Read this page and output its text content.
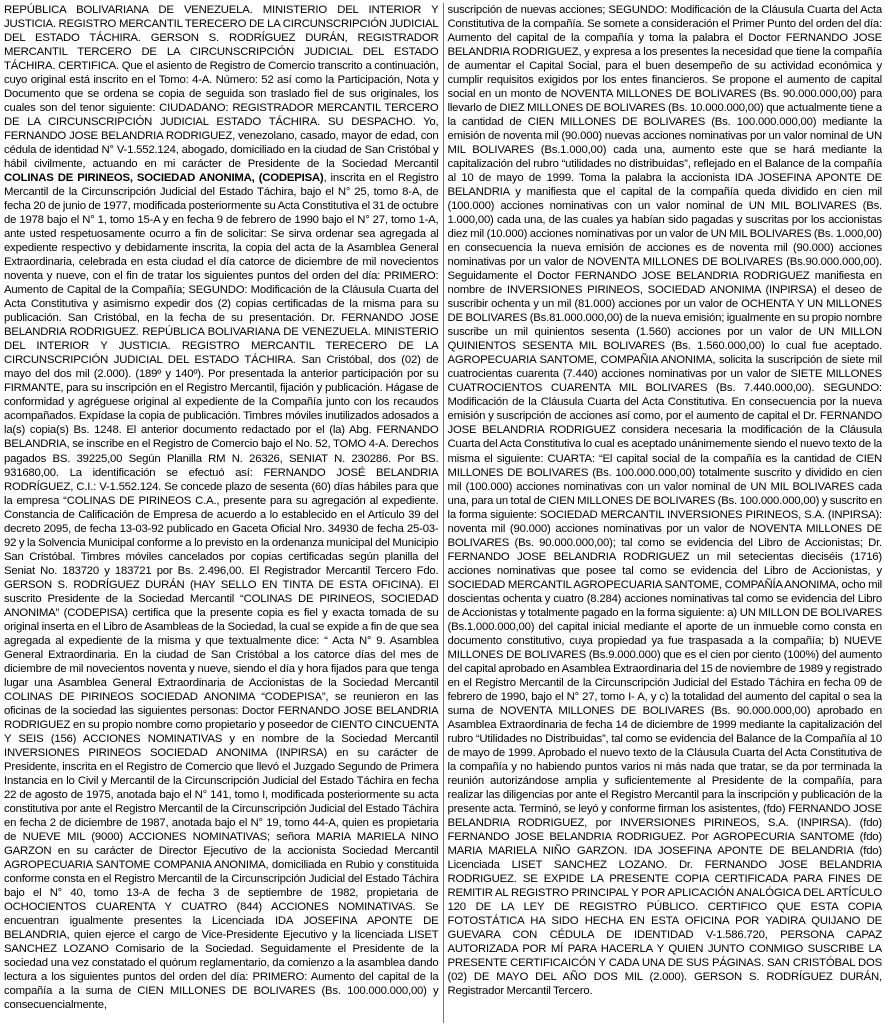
REPÚBLICA BOLIVARIANA DE VENEZUELA. MINISTERIO DEL INTERIOR Y JUSTICIA. REGISTRO MERCANTIL TERECERO DE LA CIRCUNSCRIPCIÓN JUDICIAL DEL ESTADO TÁCHIRA. GERSON S. RODRÍGUEZ DURÁN, REGISTRADOR MERCANTIL TERCERO DE LA CIRCUNSCRIPCIÓN JUDICIAL DEL ESTADO TÁCHIRA. CERTIFICA. Que el asiento de Registro de Comercio transcrito a continuación, cuyo original está inscrito en el Tomo: 4-A. Número: 52 así como la Participación, Nota y Documento que se ordena se copia de seguida son traslado fiel de sus originales, los cuales son del tenor siguiente: CIUDADANO: REGISTRADOR MERCANTIL TERCERO DE LA CIRCUNSCRIPCIÓN JUDICIAL ESTADO TÁCHIRA. SU DESPACHO. Yo, FERNANDO JOSE BELANDRIA RODRIGUEZ, venezolano, casado, mayor de edad, con cédula de identidad N° V-1.552.124, abogado, domiciliado en la ciudad de San Cristóbal y hábil civilmente, actuando en mi carácter de Presidente de la Sociedad Mercantil COLINAS DE PIRINEOS, SOCIEDAD ANONIMA, (CODEPISA), inscrita en el Registro Mercantil de la Circunscripción Judicial del Estado Táchira, bajo el N° 25, tomo 8-A, de fecha 20 de junio de 1977, modificada posteriormente su Acta Constitutiva el 31 de octubre de 1978 bajo el N° 1, tomo 15-A y en fecha 9 de febrero de 1990 bajo el N° 27, tomo 1-A, ante usted respetuosamente ocurro a fin de solicitar: Se sirva ordenar sea agregada al expediente respectivo y debidamente inscrita, la copia del acta de la Asamblea General Extraordinaria, celebrada en esta ciudad el día catorce de diciembre de mil novecientos noventa y nueve, con el fin de tratar los siguientes puntos del orden del día: PRIMERO: Aumento de Capital de la Compañía; SEGUNDO: Modificación de la Cláusula Cuarta del Acta Constitutiva y asimismo expedir dos (2) copias certificadas de la misma para su publicación. San Cristóbal, en la fecha de su presentación. Dr. FERNANDO JOSE BELANDRIA RODRIGUEZ. REPÚBLICA BOLIVARIANA DE VENEZUELA. MINISTERIO DEL INTERIOR Y JUSTICIA. REGISTRO MERCANTIL TERECERO DE LA CIRCUNSCRIPCIÓN JUDICIAL DEL ESTADO TÁCHIRA. San Cristóbal, dos (02) de mayo del dos mil (2.000). (189º y 140º). Por presentada la anterior participación por su FIRMANTE, para su inscripción en el Registro Mercantil, fijación y publicación. Hágase de conformidad y agréguese original al expediente de la Compañía junto con los recaudos acompañados. Expídase la copia de publicación. Timbres móviles inutilizados adosados a la(s) copia(s) Bs. 1248. El anterior documento redactado por el (la) Abg. FERNANDO BELANDRIA, se inscribe en el Registro de Comercio bajo el No. 52, TOMO 4-A. Derechos pagados BS. 39225,00 Según Planilla RM N. 26326, SENIAT N. 230286. Por BS. 931680,00. La identificación se efectuó así: FERNANDO JOSÉ BELANDRIA RODRÍGUEZ, C.I.: V-1.552.124. Se concede plazo de sesenta (60) días hábiles para que la empresa “COLINAS DE PIRINEOS C.A., presente para su agregación al expediente. Constancia de Calificación de Empresa de acuerdo a lo establecido en el Artículo 39 del decreto 2095, de fecha 13-03-92 publicado en Gaceta Oficial Nro. 34930 de fecha 25-03-92 y la Solvencia Municipal conforme a lo previsto en la ordenanza municipal del Municipio San Cristóbal. Timbres móviles cancelados por copias certificadas según planilla del Seniat No. 183720 y 183721 por Bs. 2.496,00. El Registrador Mercantil Tercero Fdo. GERSON S. RODRÍGUEZ DURÁN (HAY SELLO EN TINTA DE ESTA OFICINA). El suscrito Presidente de la Sociedad Mercantil “COLINAS DE PIRINEOS, SOCIEDAD ANONIMA” (CODEPISA) certifica que la presente copia es fiel y exacta tomada de su original inserta en el Libro de Asambleas de la Sociedad, la cual se expide a fin de que sea agregada al expediente de la misma y que textualmente dice: “ Acta N° 9. Asamblea General Extraordinaria. En la ciudad de San Cristóbal a los catorce días del mes de diciembre de mil novecientos noventa y nueve, siendo el día y hora fijados para que tenga lugar una Asamblea General Extraordinaria de Accionistas de la Sociedad Mercantil COLINAS DE PIRINEOS SOCIEDAD ANONIMA “CODEPISA”, se reunieron en las oficinas de la sociedad las siguientes personas: Doctor FERNANDO JOSE BELANDRIA RODRIGUEZ en su propio nombre como propietario y poseedor de CIENTO CINCUENTA Y SEIS (156) ACCIONES NOMINATIVAS y en nombre de la Sociedad Mercantil INVERSIONES PIRINEOS SOCIEDAD ANONIMA (INPIRSA) en su carácter de Presidente, inscrita en el Registro de Comercio que llevó el Juzgado Segundo de Primera Instancia en lo Civil y Mercantil de la Circunscripción Judicial del Estado Táchira en fecha 22 de agosto de 1975, anotada bajo el N° 141, tomo I, modificada posteriormente su acta constitutiva por ante el Registro Mercantil de la Circunscripción Judicial del Estado Táchira en fecha 2 de diciembre de 1987, anotada bajo el N° 19, tomo 44-A, quien es propietaria de NUEVE MIL (9000) ACCIONES NOMINATIVAS; señora MARIA MARIELA NINO GARZON en su carácter de Director Ejecutivo de la accionista Sociedad Mercantil AGROPECUARIA SANTOME COMPANIA ANONIMA, domiciliada en Rubio y constituida conforme consta en el Registro Mercantil de la Circunscripción Judicial del Estado Táchira bajo el N° 40, tomo 13-A de fecha 3 de septiembre de 1982, propietaria de OCHOCIENTOS CUARENTA Y CUATRO (844) ACCIONES NOMINATIVAS. Se encuentran igualmente presentes la Licenciada IDA JOSEFINA APONTE DE BELANDRIA, quien ejerce el cargo de Vice-Presidente Ejecutivo y la licenciada LISET SANCHEZ LOZANO Comisario de la Sociedad. Seguidamente el Presidente de la sociedad una vez constatado el quórum reglamentario, da comienzo a la asamblea dando lectura a los siguientes puntos del orden del día: PRIMERO: Aumento del capital de la compañía a la suma de CIEN MILLONES DE BOLIVARES (Bs. 100.000.000,00) y consecuencialmente,

suscripción de nuevas acciones; SEGUNDO: Modificación de la Cláusula Cuarta del Acta Constitutiva de la compañía. Se somete a consideración el Primer Punto del orden del día: Aumento del capital de la compañía y toma la palabra el Doctor FERNANDO JOSE BELANDRIA RODRIGUEZ, y expresa a los presentes la necesidad que tiene la compañía de aumentar el Capital Social, para el buen desempeño de su actividad económica y cumplir requisitos exigidos por los entes financieros. Se propone el aumento de capital social en un monto de NOVENTA MILLONES DE BOLIVARES (Bs. 90.000.000,00) para llevarlo de DIEZ MILLONES DE BOLIVARES (Bs. 10.000.000,00) que actualmente tiene a la cantidad de CIEN MILLONES DE BOLIVARES (Bs. 100.000.000,00) mediante la emisión de noventa mil (90.000) nuevas acciones nominativas por un valor nominal de UN MIL BOLIVARES (Bs.1.000,00) cada una, aumento este que se hará mediante la capitalización del rubro “utilidades no distribuidas”, reflejado en el Balance de la compañía al 10 de mayo de 1999. Toma la palabra la accionista IDA JOSEFINA APONTE DE BELANDRIA y manifiesta que el capital de la compañía queda dividido en cien mil (100.000) acciones nominativas con un valor nominal de UN MIL BOLIVARES (Bs. 1.000,00) cada una, de las cuales ya habían sido pagadas y suscritas por los accionistas diez mil (10.000) acciones nominativas por un valor de UN MIL BOLIVARES (Bs. 1.000,00) en consecuencia la nueva emisión de acciones es de noventa mil (90.000) acciones nominativas por un valor de NOVENTA MILLONES DE BOLIVARES (Bs.90.000.000,00). Seguidamente el Doctor FERNANDO JOSE BELANDRIA RODRIGUEZ manifiesta en nombre de INVERSIONES PIRINEOS, SOCIEDAD ANONIMA (INPIRSA) el deseo de suscribir ochenta y un mil (81.000) acciones por un valor de OCHENTA Y UN MILLONES DE BOLIVARES (Bs.81.000.000,00) de la nueva emisión; igualmente en su propio nombre suscribe un mil quinientos sesenta (1.560) acciones por un valor de UN MILLON QUINIENTOS SESENTA MIL BOLIVARES (Bs. 1.560.000,00) lo cual fue aceptado. AGROPECUARIA SANTOME, COMPAÑIA ANONIMA, solicita la suscripción de siete mil cuatrocientas cuarenta (7.440) acciones nominativas por un valor de SIETE MILLONES CUATROCIENTOS CUARENTA MIL BOLIVARES (Bs. 7.440.000,00). SEGUNDO: Modificación de la Cláusula Cuarta del Acta Constitutiva. En consecuencia por la nueva emisión y suscripción de acciones así como, por el aumento de capital el Dr. FERNANDO JOSE BELANDRIA RODRIGUEZ considera necesaria la modificación de la Cláusula Cuarta del Acta Constitutiva lo cual es aceptado unánimemente siendo el nuevo texto de la misma el siguiente: CUARTA: “El capital social de la compañía es la cantidad de CIEN MILLONES DE BOLIVARES (Bs. 100.000.000,00) totalmente suscrito y dividido en cien mil (100.000) acciones nominativas con un valor nominal de UN MIL BOLIVARES cada una, para un total de CIEN MILLONES DE BOLIVARES (Bs. 100.000.000,00) y suscrito en la forma siguiente: SOCIEDAD MERCANTIL INVERSIONES PIRINEOS, S.A. (INPIRSA): noventa mil (90.000) acciones nominativas por un valor de NOVENTA MILLONES DE BOLIVARES (Bs. 90.000.000,00); tal como se evidencia del Libro de Accionistas; Dr. FERNANDO JOSE BELANDRIA RODRIGUEZ un mil setecientas dieciséis (1716) acciones nominativas que posee tal como se evidencia del Libro de Accionistas, y SOCIEDAD MERCANTIL AGROPECUARIA SANTOME, COMPAÑÍA ANONIMA, ocho mil doscientas ochenta y cuatro (8.284) acciones nominativas tal como se evidencia del Libro de Accionistas y totalmente pagado en la forma siguiente: a) UN MILLON DE BOLIVARES (Bs.1.000.000,00) del capital inicial mediante el aporte de un inmueble como consta en documento constitutivo, cuya propiedad ya fue traspasada a la compañía; b) NUEVE MILLONES DE BOLIVARES (Bs.9.000.000) que es el cien por ciento (100%) del aumento del capital aprobado en Asamblea Extraordinaria del 15 de noviembre de 1989 y registrado en el Registro Mercantil de la Circunscripción Judicial del Estado Táchira en fecha 09 de febrero de 1990, bajo el N° 27, tomo I- A, y c) la totalidad del aumento del capital o sea la suma de NOVENTA MILLONES DE BOLIVARES (Bs. 90.000.000,00) aprobado en Asamblea Extraordinaria de fecha 14 de diciembre de 1999 mediante la capitalización del rubro “Utilidades no Distribuidas”, tal como se evidencia del Balance de la Compañía al 10 de mayo de 1999. Aprobado el nuevo texto de la Cláusula Cuarta del Acta Constitutiva de la compañía y no habiendo puntos varios ni más nada que tratar, se da por terminada la reunión autorizándose amplia y suficientemente al Presidente de la compañía, para realizar las diligencias por ante el Registro Mercantil para la inscripción y publicación de la presente acta. Terminó, se leyó y conforme firman los asistentes, (fdo) FERNANDO JOSE BELANDRIA RODRIGUEZ, por INVERSIONES PIRINEOS, S.A. (INPIRSA). (fdo) FERNANDO JOSE BELANDRIA RODRIGUEZ. Por AGROPECURIA SANTOME (fdo) MARIA MARIELA NIÑO GARZON. IDA JOSEFINA APONTE DE BELANDRIA (fdo) Licenciada LISET SANCHEZ LOZANO. Dr. FERNANDO JOSE BELANDRIA RODRIGUEZ. SE EXPIDE LA PRESENTE COPIA CERTIFICADA PARA FINES DE REMITIR AL REGISTRO PRINCIPAL Y POR APLICACIÓN ANALÓGICA DEL ARTÍCULO 120 DE LA LEY DE REGISTRO PÚBLICO. CERTIFICO QUE ESTA COPIA FOTOSTÁTICA HA SIDO HECHA EN ESTA OFICINA POR YADIRA QUIJANO DE GUEVARA CON CÉDULA DE IDENTIDAD V-1.586.720, PERSONA CAPAZ AUTORIZADA POR MÍ PARA HACERLA Y QUIEN JUNTO CONMIGO SUSCRIBE LA PRESENTE CERTIFICAICÓN Y CADA UNA DE SUS PÁGINAS. SAN CRISTÓBAL DOS (02) DE MAYO DEL AÑO DOS MIL (2.000). GERSON S. RODRÍGUEZ DURÁN, Registrador Mercantil Tercero.
